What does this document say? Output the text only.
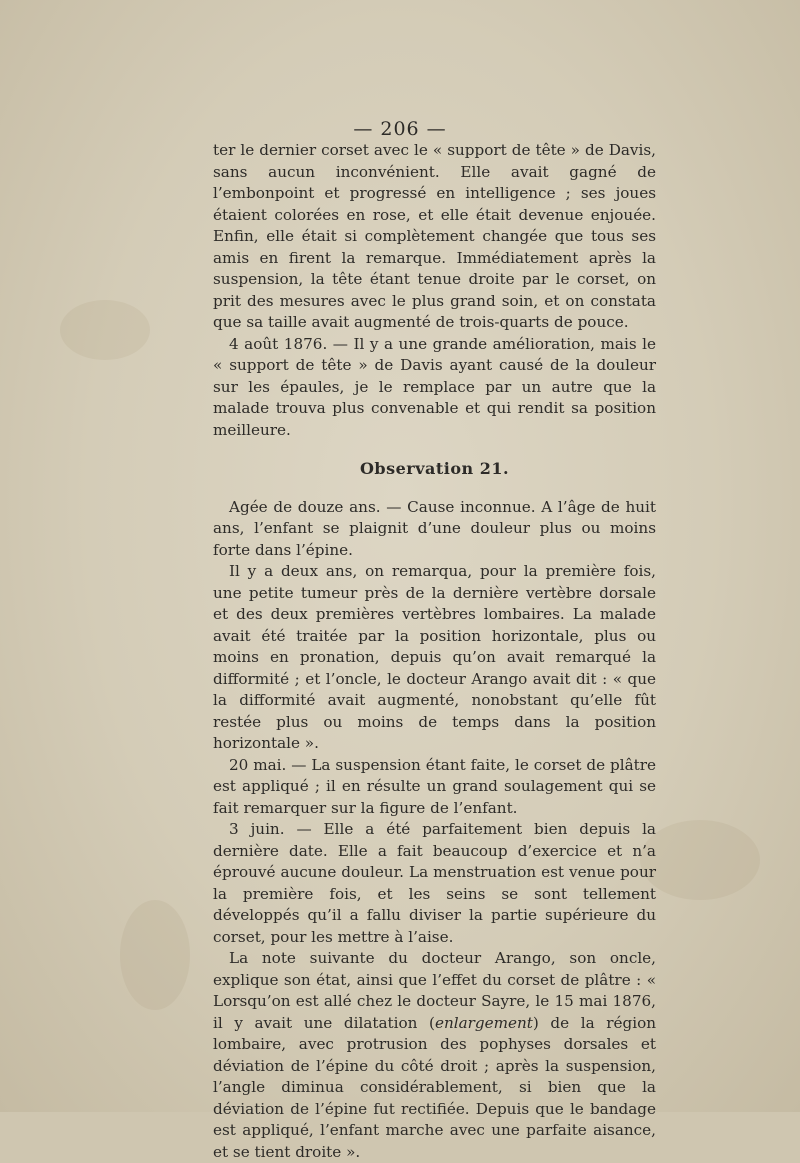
— 206 —

ter le dernier corset avec le « support de tête » de Davis, sans aucun inconvénient. Elle avait gagné de l’embonpoint et progressé en intelligence ; ses joues étaient colorées en rose, et elle était devenue enjouée. Enfin, elle était si complètement changée que tous ses amis en firent la remarque. Immédiatement après la suspension, la tête étant tenue droite par le corset, on prit des mesures avec le plus grand soin, et on constata que sa taille avait augmenté de trois-quarts de pouce.

4 août 1876. — Il y a une grande amélioration, mais le « support de tête » de Davis ayant causé de la douleur sur les épaules, je le remplace par un autre que la malade trouva plus convenable et qui rendit sa position meilleure.

Observation 21.

Agée de douze ans. — Cause inconnue. A l’âge de huit ans, l’enfant se plaignit d’une douleur plus ou moins forte dans l’épine.

Il y a deux ans, on remarqua, pour la première fois, une petite tumeur près de la dernière vertèbre dorsale et des deux premières vertèbres lombaires. La malade avait été traitée par la position horizontale, plus ou moins en pronation, depuis qu’on avait remarqué la difformité ; et l’oncle, le docteur Arango avait dit : « que la difformité avait augmenté, nonobstant qu’elle fût restée plus ou moins de temps dans la position horizontale ».

20 mai. — La suspension étant faite, le corset de plâtre est appliqué ; il en résulte un grand soulagement qui se fait remarquer sur la figure de l’enfant.

3 juin. — Elle a été parfaitement bien depuis la dernière date. Elle a fait beaucoup d’exercice et n’a éprouvé aucune douleur. La menstruation est venue pour la première fois, et les seins se sont tellement développés qu’il a fallu diviser la partie supérieure du corset, pour les mettre à l’aise.

La note suivante du docteur Arango, son oncle, explique son état, ainsi que l’effet du corset de plâtre : « Lorsqu’on est allé chez le docteur Sayre, le 15 mai 1876, il y avait une dilatation (enlargement) de la région lombaire, avec protrusion des pophyses dorsales et déviation de l’épine du côté droit ; après la suspension, l’angle diminua considérablement, si bien que la déviation de l’épine fut rectifiée. Depuis que le bandage est appliqué, l’enfant marche avec une parfaite aisance, et se tient droite ».
